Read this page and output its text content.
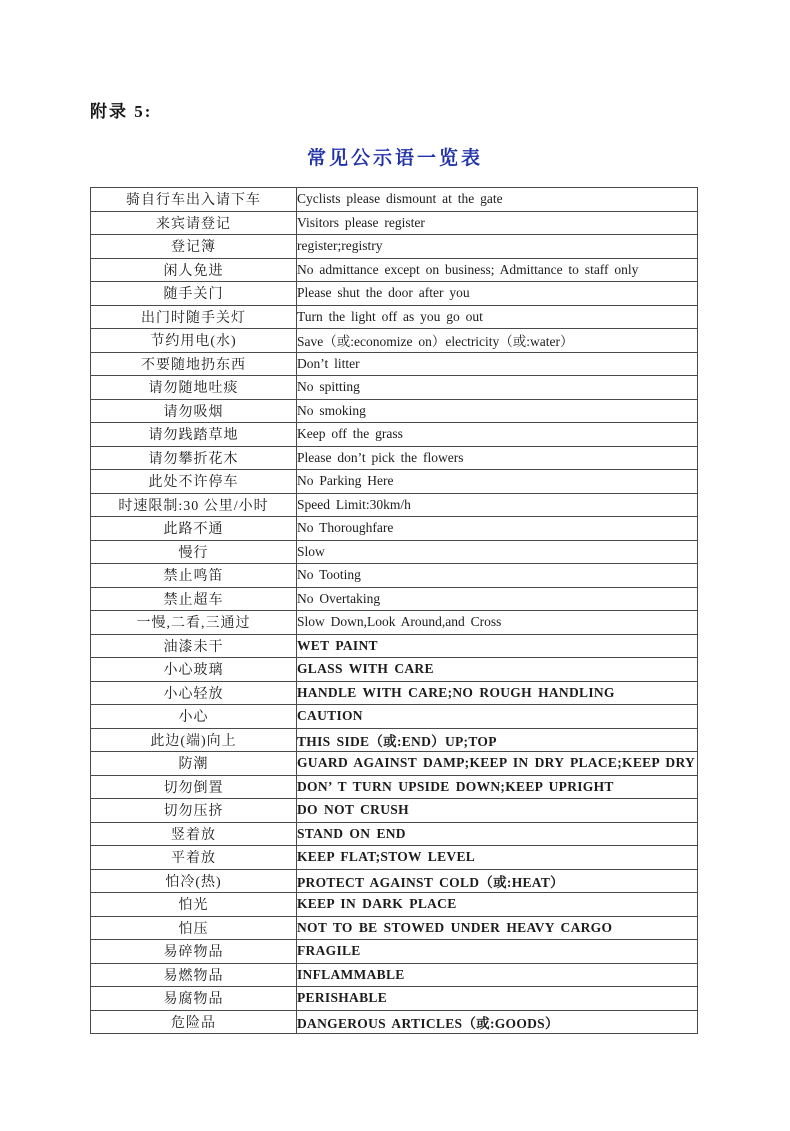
附录 5:
常见公示语一览表
骑自行车出入请下车	Cyclists please dismount at the gate
来宾请登记	Visitors please register
登记簿	register;registry
闲人免进	No admittance except on business; Admittance to staff only
随手关门	Please shut the door after you
出门时随手关灯	Turn the light off as you go out
节约用电(水)	Save（或:economize on）electricity（或:water）
不要随地扔东西	Don’t litter
请勿随地吐痰	No spitting
请勿吸烟	No smoking
请勿践踏草地	Keep off the grass
请勿攀折花木	Please don’t pick the flowers
此处不许停车	No Parking Here
时速限制:30 公里/小时	Speed Limit:30km/h
此路不通	No Thoroughfare
慢行	Slow
禁止鸣笛	No Tooting
禁止超车	No Overtaking
一慢,二看,三通过	Slow Down,Look Around,and Cross
油漆未干	WET PAINT
小心玻璃	GLASS WITH CARE
小心轻放	HANDLE WITH CARE;NO ROUGH HANDLING
小心	CAUTION
此边(端)向上	THIS SIDE（或:END）UP;TOP
防潮	GUARD AGAINST DAMP;KEEP IN DRY PLACE;KEEP DRY
切勿倒置	DON’ T TURN UPSIDE DOWN;KEEP UPRIGHT
切勿压挤	DO NOT CRUSH
竖着放	STAND ON END
平着放	KEEP FLAT;STOW LEVEL
怕冷(热)	PROTECT AGAINST COLD（或:HEAT）
怕光	KEEP IN DARK PLACE
怕压	NOT TO BE STOWED UNDER HEAVY CARGO
易碎物品	FRAGILE
易燃物品	INFLAMMABLE
易腐物品	PERISHABLE
危险品	DANGEROUS ARTICLES（或:GOODS）
